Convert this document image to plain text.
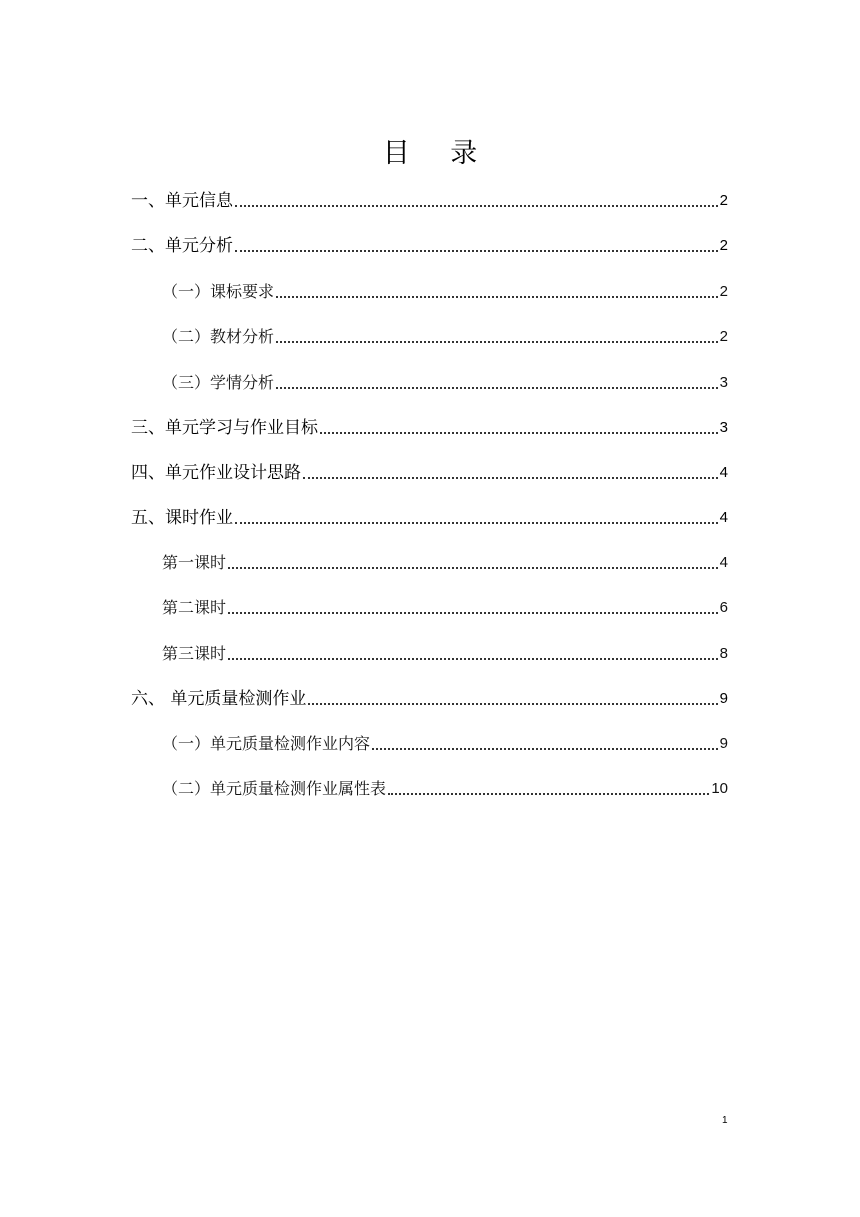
目 录
一、单元信息	2
二、单元分析	2
（一）课标要求	2
（二）教材分析	2
（三）学情分析	3
三、单元学习与作业目标	3
四、单元作业设计思路	4
五、课时作业	4
第一课时	4
第二课时	6
第三课时	8
六、 单元质量检测作业	9
（一）单元质量检测作业内容	9
（二）单元质量检测作业属性表	10
1
